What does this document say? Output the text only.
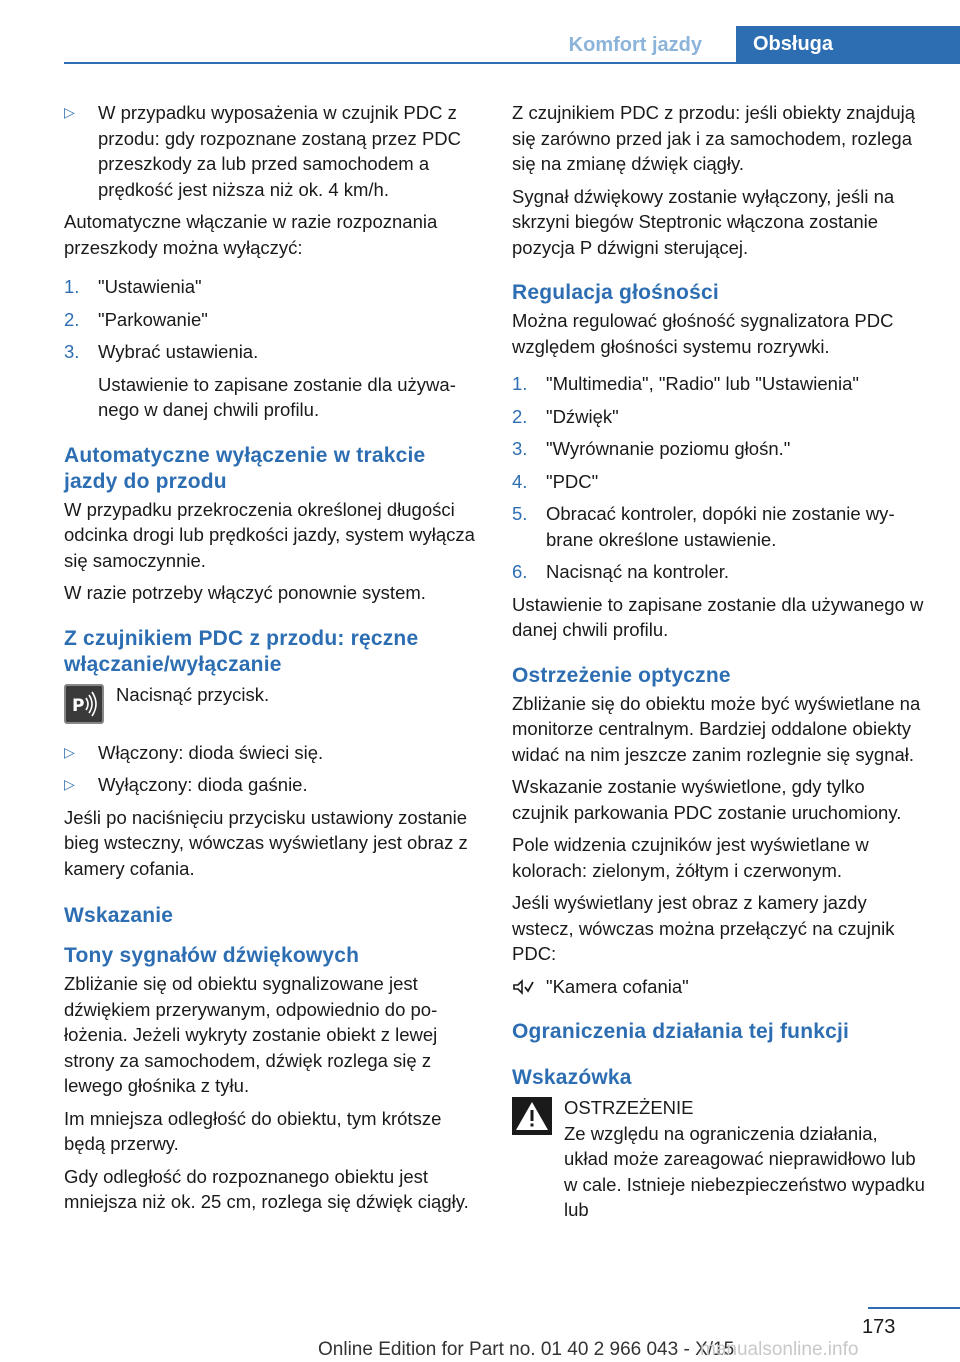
Komfort jazdy	Obsługa
▷ W przypadku wyposażenia w czujnik PDC z przodu: gdy rozpoznane zostaną przez PDC przeszkody za lub przed samochodem a prędkość jest niższa niż ok. 4 km/h.

Automatyczne włączanie w razie rozpoznania przeszkody można wyłączyć:

1. "Ustawienia"
2. "Parkowanie"
3. Wybrać ustawienia.

Ustawienie to zapisane zostanie dla używanego w danej chwili profilu.

Automatyczne wyłączenie w trakcie jazdy do przodu

W przypadku przekroczenia określonej długości odcinka drogi lub prędkości jazdy, system wyłącza się samoczynnie.

W razie potrzeby włączyć ponownie system.

Z czujnikiem PDC z przodu: ręczne włączanie/wyłączanie
P
Nacisnąć przycisk.
▷ Włączony: dioda świeci się.
▷ Wyłączony: dioda gaśnie.

Jeśli po naciśnięciu przycisku ustawiony zostanie bieg wsteczny, wówczas wyświetlany jest obraz z kamery cofania.

Wskazanie
Tony sygnałów dźwiękowych

Zbliżanie się od obiektu sygnalizowane jest dźwiękiem przerywanym, odpowiednio do położenia. Jeżeli wykryty zostanie obiekt z lewej strony za samochodem, dźwięk rozlega się z lewego głośnika z tyłu.

Im mniejsza odległość do obiektu, tym krótsze będą przerwy.

Gdy odległość do rozpoznanego obiektu jest mniejsza niż ok. 25 cm, rozlega się dźwięk ciągły.

Z czujnikiem PDC z przodu: jeśli obiekty znajdują się zarówno przed jak i za samochodem, rozlega się na zmianę dźwięk ciągły.

Sygnał dźwiękowy zostanie wyłączony, jeśli na skrzyni biegów Steptronic włączona zostanie pozycja P dźwigni sterującej.

Regulacja głośności

Można regulować głośność sygnalizatora PDC względem głośności systemu rozrywki.

1. "Multimedia", "Radio" lub "Ustawienia"
2. "Dźwięk"
3. "Wyrównanie poziomu głośn."
4. "PDC"
5. Obracać kontroler, dopóki nie zostanie wybrane określone ustawienie.
6. Nacisnąć na kontroler.

Ustawienie to zapisane zostanie dla używanego w danej chwili profilu.

Ostrzeżenie optyczne

Zbliżanie się do obiektu może być wyświetlane na monitorze centralnym. Bardziej oddalone obiekty widać na nim jeszcze zanim rozlegnie się sygnał.

Wskazanie zostanie wyświetlone, gdy tylko czujnik parkowania PDC zostanie uruchomiony.

Pole widzenia czujników jest wyświetlane w kolorach: zielonym, żółtym i czerwonym.

Jeśli wyświetlany jest obraz z kamery jazdy wstecz, wówczas można przełączyć na czujnik PDC:

"Kamera cofania"
Ograniczenia działania tej funkcji
Wskazówka
OSTRZEŻENIE

Ze względu na ograniczenia działania, układ może zareagować nieprawidłowo lub w cale. Istnieje niebezpieczeństwo wypadku lub

173
Online Edition for Part no. 01 40 2 966 043 - X/15
manualsonline.info
